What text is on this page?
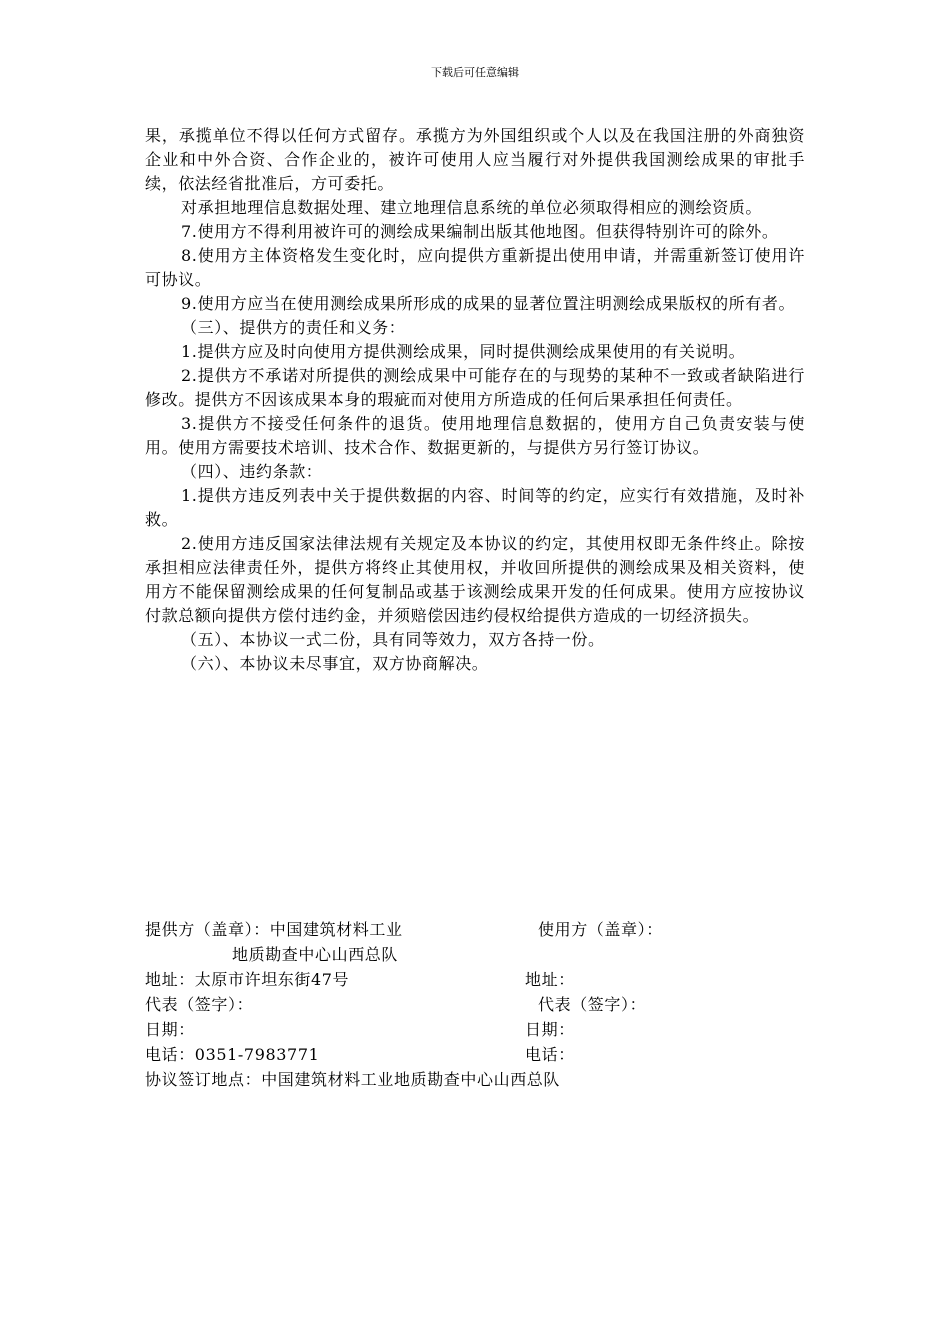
下载后可任意编辑

果，承揽单位不得以任何方式留存。承揽方为外国组织或个人以及在我国注册的外商独资企业和中外合资、合作企业的，被许可使用人应当履行对外提供我国测绘成果的审批手续，依法经省批准后，方可委托。

对承担地理信息数据处理、建立地理信息系统的单位必须取得相应的测绘资质。

7.使用方不得利用被许可的测绘成果编制出版其他地图。但获得特别许可的除外。

8.使用方主体资格发生变化时，应向提供方重新提出使用申请，并需重新签订使用许可协议。

9.使用方应当在使用测绘成果所形成的成果的显著位置注明测绘成果版权的所有者。

（三）、提供方的责任和义务：

1.提供方应及时向使用方提供测绘成果，同时提供测绘成果使用的有关说明。

2.提供方不承诺对所提供的测绘成果中可能存在的与现势的某种不一致或者缺陷进行修改。提供方不因该成果本身的瑕疵而对使用方所造成的任何后果承担任何责任。

3.提供方不接受任何条件的退货。使用地理信息数据的，使用方自己负责安装与使用。使用方需要技术培训、技术合作、数据更新的，与提供方另行签订协议。

（四）、违约条款：

1.提供方违反列表中关于提供数据的内容、时间等的约定，应实行有效措施，及时补救。

2.使用方违反国家法律法规有关规定及本协议的约定，其使用权即无条件终止。除按承担相应法律责任外，提供方将终止其使用权，并收回所提供的测绘成果及相关资料，使用方不能保留测绘成果的任何复制品或基于该测绘成果开发的任何成果。使用方应按协议付款总额向提供方偿付违约金，并须赔偿因违约侵权给提供方造成的一切经济损失。

（五）、本协议一式二份，具有同等效力，双方各持一份。

（六）、本协议未尽事宜，双方协商解决。

提供方（盖章）：中国建筑材料工业	使用方（盖章）：
地质勘查中心山西总队
地址：太原市许坦东街47号	地址：
代表（签字）：	代表（签字）：
日期：	日期：
电话：0351-7983771	电话：
协议签订地点：中国建筑材料工业地质勘查中心山西总队
